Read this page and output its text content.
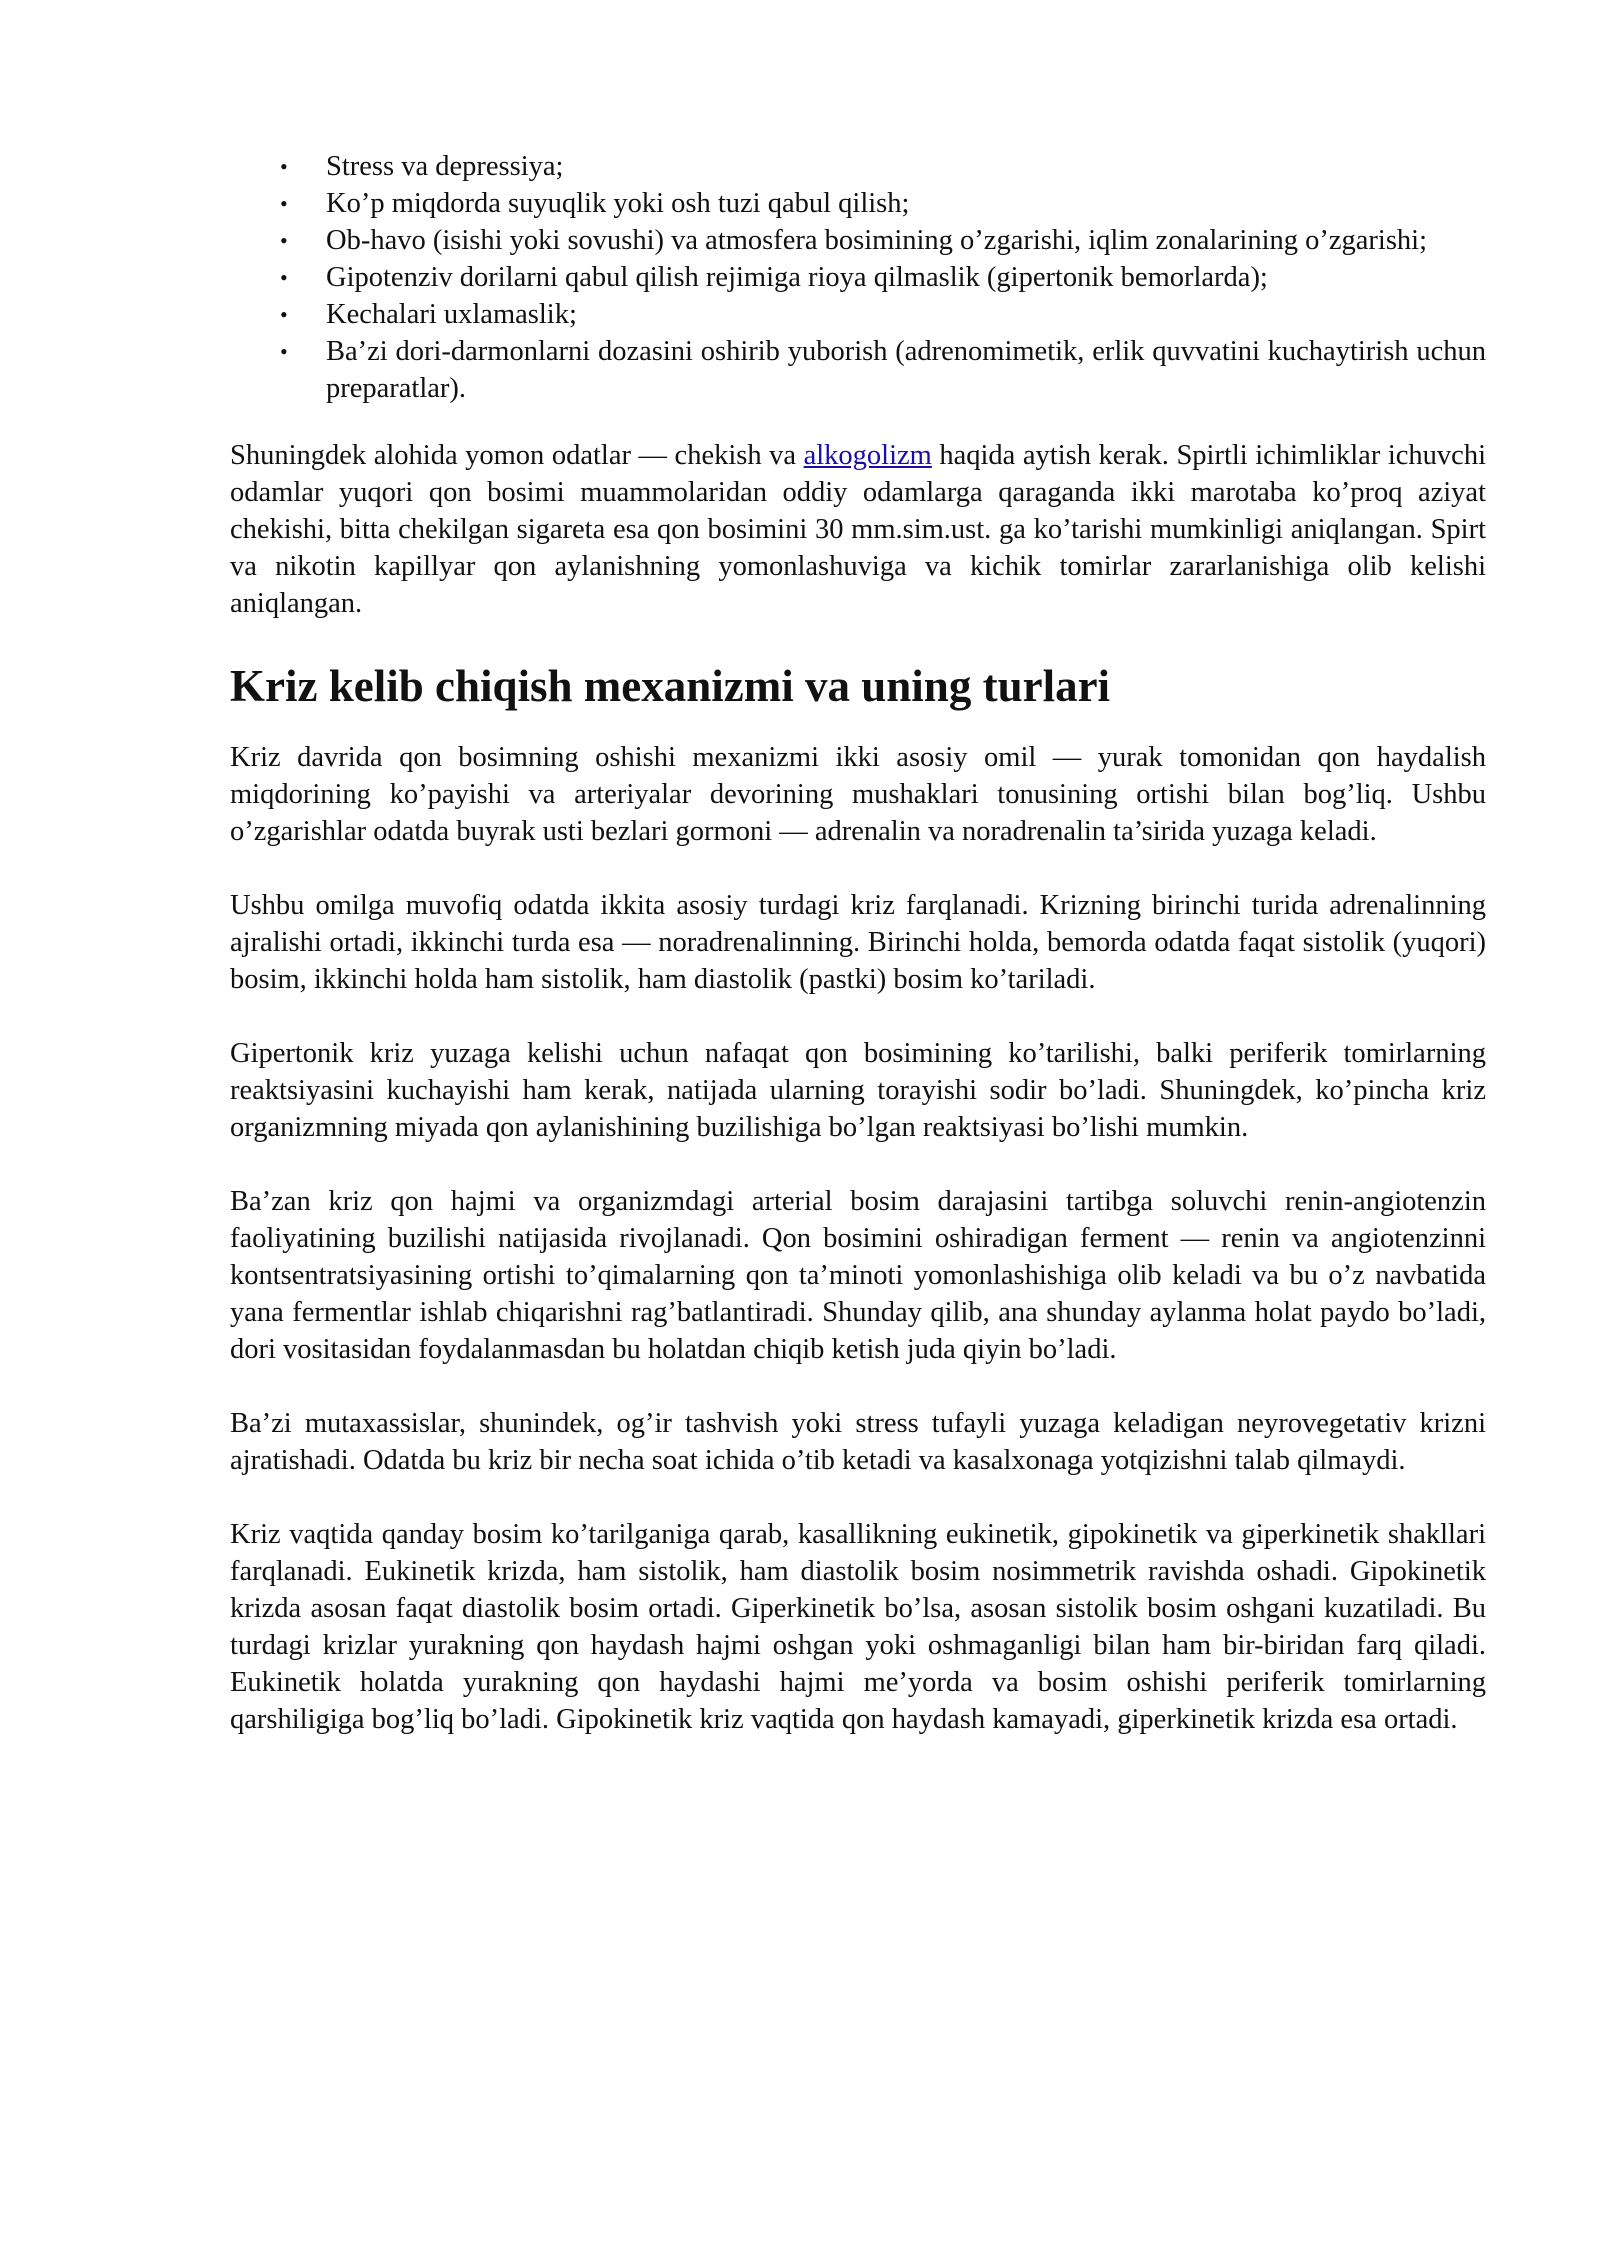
• Stress va depressiya;
• Ko’p miqdorda suyuqlik yoki osh tuzi qabul qilish;
• Ob-havo (isishi yoki sovushi) va atmosfera bosimining o’zgarishi, iqlim zonalarining o’zgarishi;
• Gipotenziv dorilarni qabul qilish rejimiga rioya qilmaslik (gipertonik bemorlarda);
• Kechalari uxlamaslik;
• Ba’zi dori-darmonlarni dozasini oshirib yuborish (adrenomimetik, erlik quvvatini kuchaytirish uchun preparatlar).

Shuningdek alohida yomon odatlar — chekish va alkogolizm haqida aytish kerak. Spirtli ichimliklar ichuvchi odamlar yuqori qon bosimi muammolaridan oddiy odamlarga qaraganda ikki marotaba ko’proq aziyat chekishi, bitta chekilgan sigareta esa qon bosimini 30 mm.sim.ust. ga ko’tarishi mumkinligi aniqlangan. Spirt va nikotin kapillyar qon aylanishning yomonlashuviga va kichik tomirlar zararlanishiga olib kelishi aniqlangan.

Kriz kelib chiqish mexanizmi va uning turlari

Kriz davrida qon bosimning oshishi mexanizmi ikki asosiy omil — yurak tomonidan qon haydalish miqdorining ko’payishi va arteriyalar devorining mushaklari tonusining ortishi bilan bog’liq. Ushbu o’zgarishlar odatda buyrak usti bezlari gormoni — adrenalin va noradrenalin ta’sirida yuzaga keladi.

Ushbu omilga muvofiq odatda ikkita asosiy turdagi kriz farqlanadi. Krizning birinchi turida adrenalinning ajralishi ortadi, ikkinchi turda esa — noradrenalinning. Birinchi holda, bemorda odatda faqat sistolik (yuqori) bosim, ikkinchi holda ham sistolik, ham diastolik (pastki) bosim ko’tariladi.

Gipertonik kriz yuzaga kelishi uchun nafaqat qon bosimining ko’tarilishi, balki periferik tomirlarning reaktsiyasini kuchayishi ham kerak, natijada ularning torayishi sodir bo’ladi. Shuningdek, ko’pincha kriz organizmning miyada qon aylanishining buzilishiga bo’lgan reaktsiyasi bo’lishi mumkin.

Ba’zan kriz qon hajmi va organizmdagi arterial bosim darajasini tartibga soluvchi renin-angiotenzin faoliyatining buzilishi natijasida rivojlanadi. Qon bosimini oshiradigan ferment — renin va angiotenzinni kontsentratsiyasining ortishi to’qimalarning qon ta’minoti yomonlashishiga olib keladi va bu o’z navbatida yana fermentlar ishlab chiqarishni rag’batlantiradi. Shunday qilib, ana shunday aylanma holat paydo bo’ladi, dori vositasidan foydalanmasdan bu holatdan chiqib ketish juda qiyin bo’ladi.

Ba’zi mutaxassislar, shunindek, og’ir tashvish yoki stress tufayli yuzaga keladigan neyrovegetativ krizni ajratishadi. Odatda bu kriz bir necha soat ichida o’tib ketadi va kasalxonaga yotqizishni talab qilmaydi.

Kriz vaqtida qanday bosim ko’tarilganiga qarab, kasallikning eukinetik, gipokinetik va giperkinetik shakllari farqlanadi. Eukinetik krizda, ham sistolik, ham diastolik bosim nosimmetrik ravishda oshadi. Gipokinetik krizda asosan faqat diastolik bosim ortadi. Giperkinetik bo’lsa, asosan sistolik bosim oshgani kuzatiladi. Bu turdagi krizlar yurakning qon haydash hajmi oshgan yoki oshmaganligi bilan ham bir-biridan farq qiladi. Eukinetik holatda yurakning qon haydashi hajmi me’yorda va bosim oshishi periferik tomirlarning qarshiligiga bog’liq bo’ladi. Gipokinetik kriz vaqtida qon haydash kamayadi, giperkinetik krizda esa ortadi.
